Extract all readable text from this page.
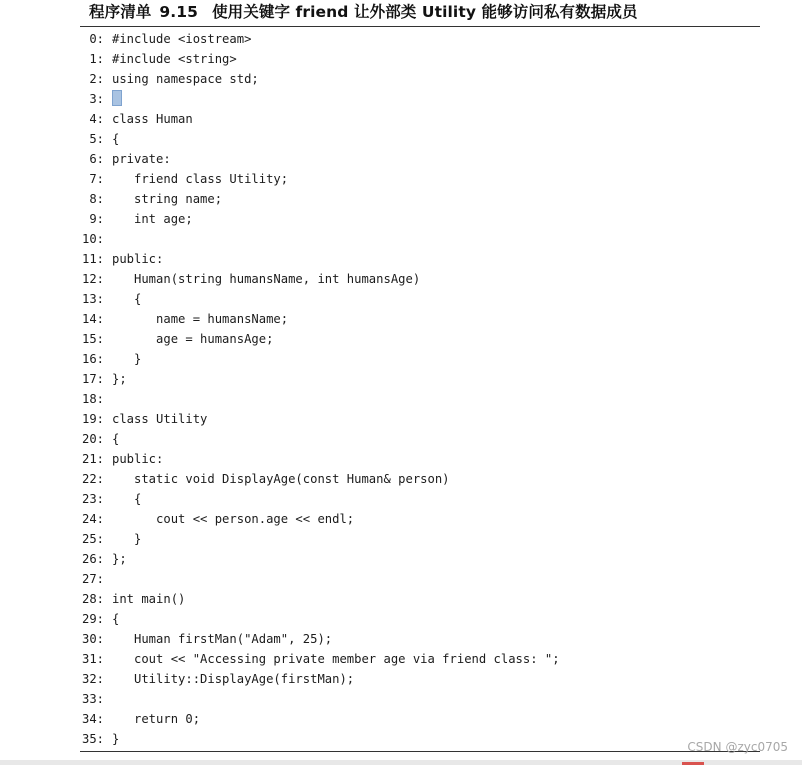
程序清单 9.15 使用关键字 friend 让外部类 Utility 能够访问私有数据成员
0: #include <iostream>
1: #include <string>
2: using namespace std;
3:
4: class Human
5: {
6: private:
7:   friend class Utility;
8:   string name;
9:   int age;
10:
11: public:
12:   Human(string humansName, int humansAge)
13:   {
14:      name = humansName;
15:      age = humansAge;
16:   }
17: };
18:
19: class Utility
20: {
21: public:
22:   static void DisplayAge(const Human& person)
23:   {
24:      cout << person.age << endl;
25:   }
26: };
27:
28: int main()
29: {
30:   Human firstMan("Adam", 25);
31:   cout << "Accessing private member age via friend class: ";
32:   Utility::DisplayAge(firstMan);
33:
34:   return 0;
35: }
CSDN @zyc0705
